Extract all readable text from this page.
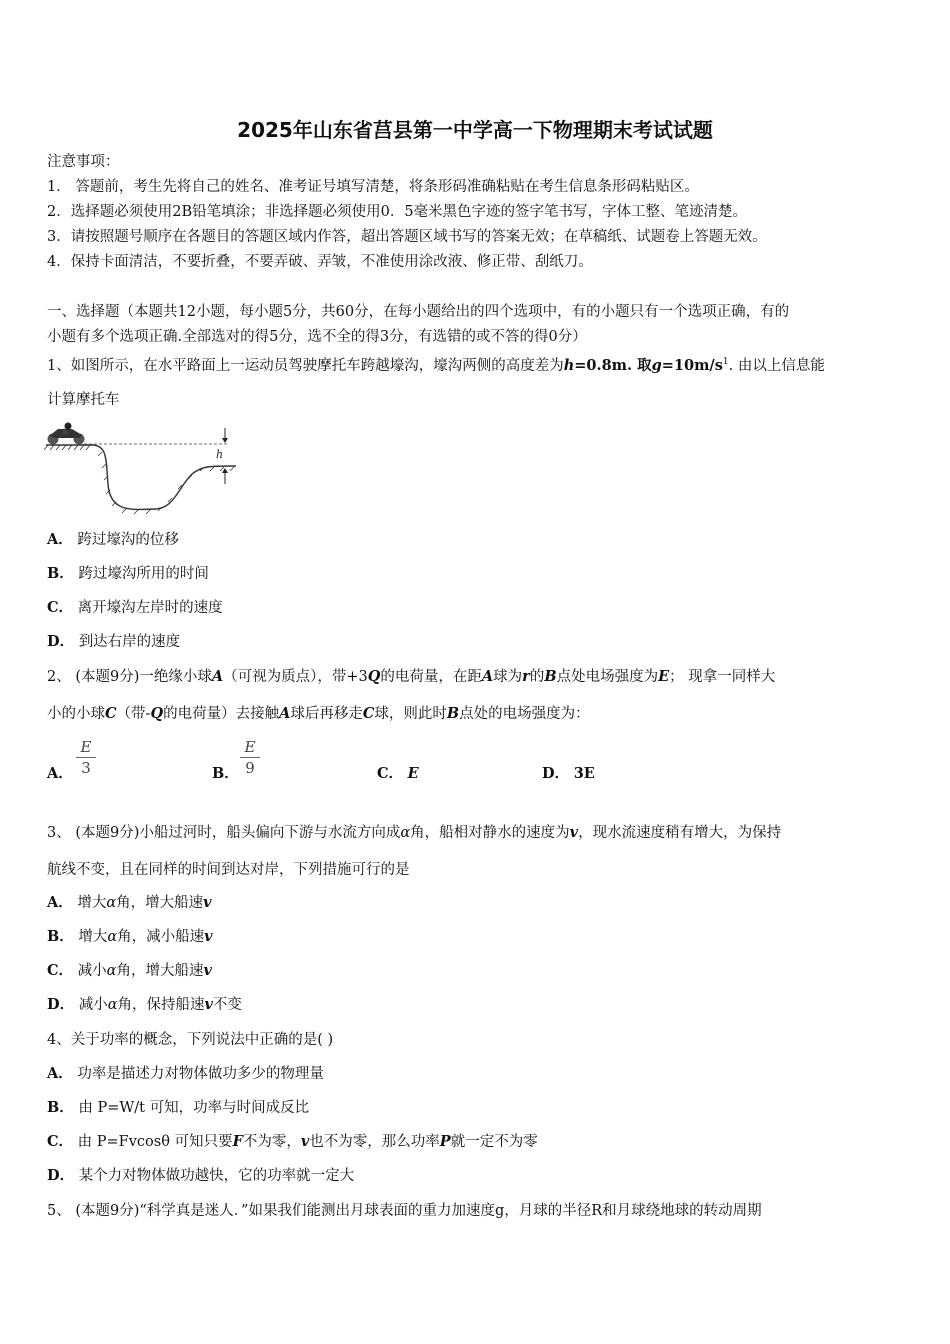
2025年山东省莒县第一中学高一下物理期末考试试题
注意事项：
1． 答题前，考生先将自己的姓名、准考证号填写清楚，将条形码准确粘贴在考生信息条形码粘贴区。
2．选择题必须使用2B铅笔填涂；非选择题必须使用0．5毫米黑色字迹的签字笔书写，字体工整、笔迹清楚。
3．请按照题号顺序在各题目的答题区域内作答，超出答题区域书写的答案无效；在草稿纸、试题卷上答题无效。
4．保持卡面清洁，不要折叠，不要弄破、弄皱，不准使用涂改液、修正带、刮纸刀。
一、选择题（本题共12小题，每小题5分，共60分，在每小题给出的四个选项中，有的小题只有一个选项正确，有的
小题有多个选项正确.全部选对的得5分，选不全的得3分，有选错的或不答的得0分）
1、如图所示，在水平路面上一运动员驾驶摩托车跨越壕沟，壕沟两侧的高度差为h=0.8m. 取$g=10m/s^1$. 由以上信息能
计算摩托车
h
A． 跨过壕沟的位移
B． 跨过壕沟所用的时间
C． 离开壕沟左岸时的速度
D． 到达右岸的速度
2、 (本题9分)一绝缘小球A（可视为质点），带+3Q的电荷量，在距A球为r的B点处电场强度为E； 现拿一同样大
小的小球C（带-Q的电荷量）去接触A球后再移走C球，则此时B点处的电场强度为：
A．
E
3	B．
E
9	C． E	D． 3E
3、 (本题9分)小船过河时，船头偏向下游与水流方向成α角，船相对静水的速度为v，现水流速度稍有增大，为保持
航线不变，且在同样的时间到达对岸，下列措施可行的是
A． 增大α角，增大船速v
B． 增大α角，减小船速v
C． 减小α角，增大船速v
D． 减小α角，保持船速v不变
4、关于功率的概念，下列说法中正确的是( )
A． 功率是描述力对物体做功多少的物理量
B． 由 P=W/t 可知，功率与时间成反比
C． 由 P=Fvcosθ 可知只要F不为零，v也不为零，那么功率P就一定不为零
D． 某个力对物体做功越快，它的功率就一定大
5、 (本题9分)“科学真是迷人．”如果我们能测出月球表面的重力加速度g，月球的半径R和月球绕地球的转动周期
